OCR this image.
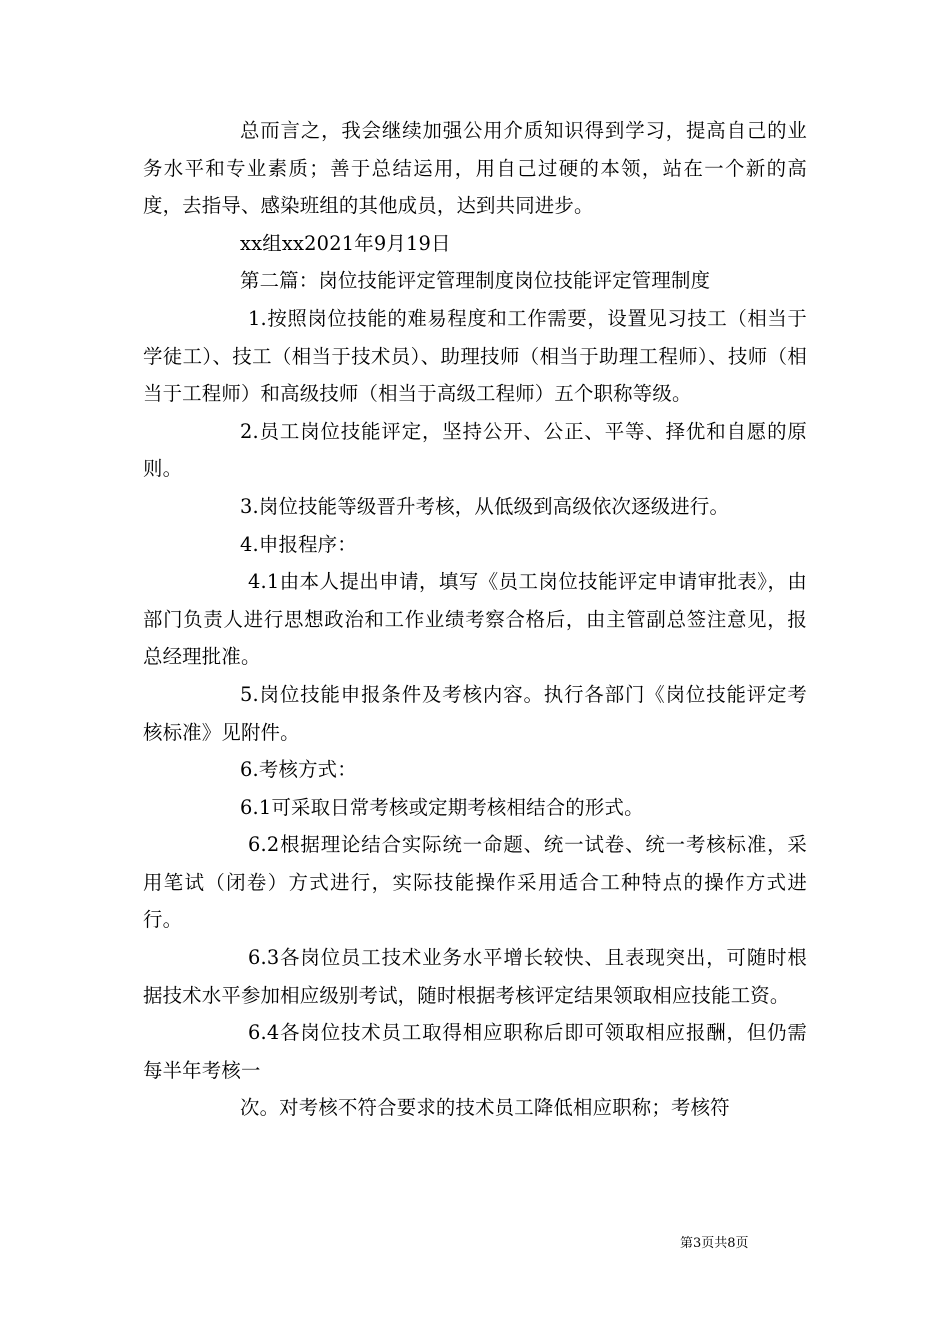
总而言之，我会继续加强公用介质知识得到学习，提高自己的业务水平和专业素质；善于总结运用，用自己过硬的本领，站在一个新的高度，去指导、感染班组的其他成员，达到共同进步。

xx组xx2021年9月19日

第二篇：岗位技能评定管理制度岗位技能评定管理制度

1.按照岗位技能的难易程度和工作需要，设置见习技工（相当于学徒工）、技工（相当于技术员）、助理技师（相当于助理工程师）、技师（相当于工程师）和高级技师（相当于高级工程师）五个职称等级。

2.员工岗位技能评定，坚持公开、公正、平等、择优和自愿的原则。

3.岗位技能等级晋升考核，从低级到高级依次逐级进行。

4.申报程序：

4.1由本人提出申请，填写《员工岗位技能评定申请审批表》，由部门负责人进行思想政治和工作业绩考察合格后，由主管副总签注意见，报总经理批准。

5.岗位技能申报条件及考核内容。执行各部门《岗位技能评定考核标准》见附件。

6.考核方式：

6.1可采取日常考核或定期考核相结合的形式。

6.2根据理论结合实际统一命题、统一试卷、统一考核标准，采用笔试（闭卷）方式进行，实际技能操作采用适合工种特点的操作方式进行。

6.3各岗位员工技术业务水平增长较快、且表现突出，可随时根据技术水平参加相应级别考试，随时根据考核评定结果领取相应技能工资。

6.4各岗位技术员工取得相应职称后即可领取相应报酬，但仍需每半年考核一

次。对考核不符合要求的技术员工降低相应职称；考核符

第3页共8页
